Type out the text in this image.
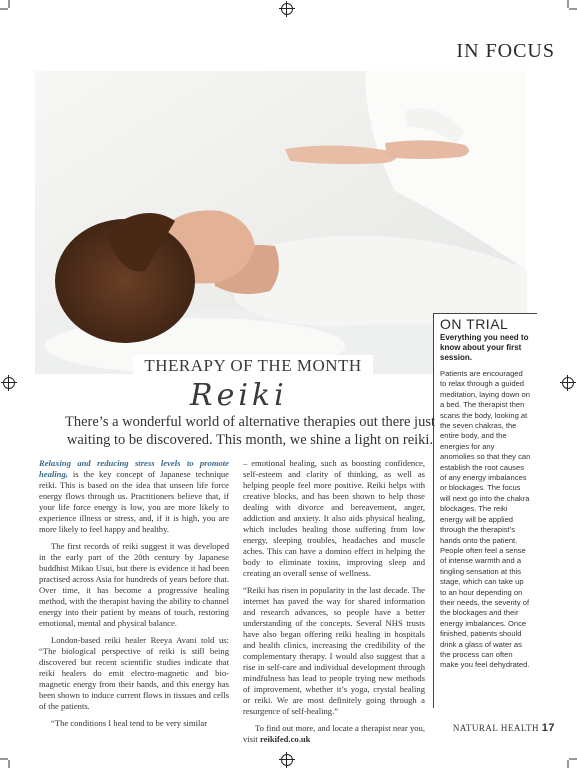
IN FOCUS
ON TRIAL
Everything you need to know about your first session.
Patients are encouraged to relax through a guided meditation, laying down on a bed. The therapist then scans the body, looking at the seven chakras, the entire body, and the energies for any anomolies so that they can establish the root causes of any energy imbalances or blockages. The focus will next go into the chakra blockages. The reiki energy will be applied through the therapist’s hands onto the patient. People often feel a sense of intense warmth and a tingling sensation at this stage, which can take up to an hour depending on their needs, the severity of the blockages and their energy imbalances. Once finished, patients should drink a glass of water as the process can often make you feel dehydrated.
THERAPY OF THE MONTH
Reiki
There’s a wonderful world of alternative therapies out there just waiting to be discovered. This month, we shine a light on reiki.

Relaxing and reducing stress levels to promote healing, is the key concept of Japanese technique reiki. This is based on the idea that unseen life force energy flows through us. Practitioners believe that, if your life force energy is low, you are more likely to experience illness or stress, and, if it is high, you are more likely to feel happy and healthy.

The first records of reiki suggest it was developed in the early part of the 20th century by Japanese buddhist Mikao Usui, but there is evidence it had been practised across Asia for hundreds of years before that. Over time, it has become a progressive healing method, with the therapist having the ability to channel energy into their patient by means of touch, restoring emotional, mental and physical balance.

London-based reiki healer Reeya Avani told us: “The biological perspective of reiki is still being discovered but recent scientific studies indicate that reiki healers do emit electro-magnetic and bio-magnetic energy from their hands, and this energy has been shown to induce current flows in tissues and cells of the patients.

“The conditions I heal tend to be very similar

– emotional healing, such as boosting confidence, self-esteem and clarity of thinking, as well as helping people feel more positive. Reiki helps with creative blocks, and has been shown to help those dealing with divorce and bereavement, anger, addiction and anxiety. It also aids physical healing, which includes healing those suffering from low energy, sleeping troubles, headaches and muscle aches. This can have a domino effect in helping the body to eliminate toxins, improving sleep and creating an overall sense of wellness.

“Reiki has risen in popularity in the last decade. The internet has paved the way for shared information and research advances, so people have a better understanding of the concepts. Several NHS trusts have also began offering reiki healing in hospitals and health clinics, increasing the credibility of the complementary therapy. I would also suggest that a rise in self-care and individual development through mindfulness has lead to people trying new methods of improvement, whether it’s yoga, crystal healing or reiki. We are most definitely going through a resurgence of self-healing.”

To find out more, and locate a therapist near you, visit reikifed.co.uk

NATURAL HEALTH 17
